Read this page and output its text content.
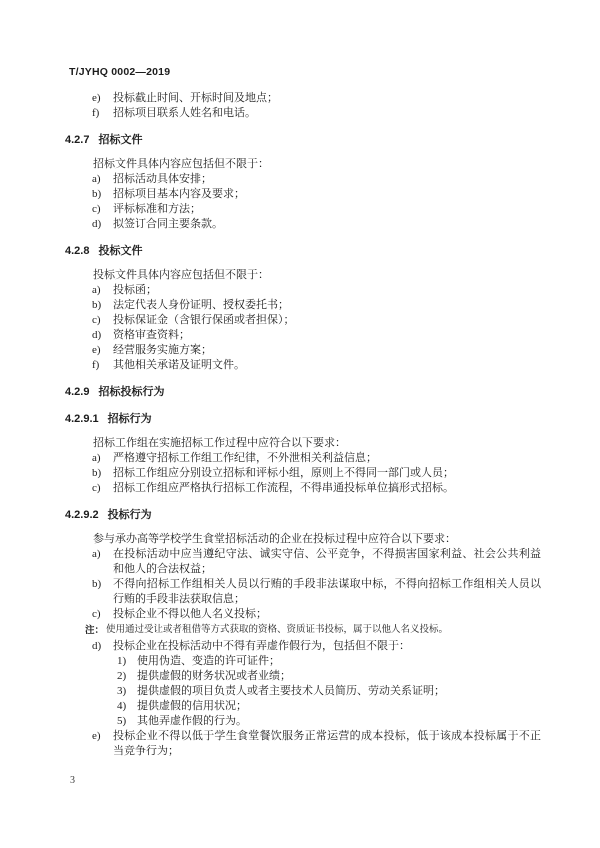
T/JYHQ 0002—2019
e)	投标截止时间、开标时间及地点；
f)	招标项目联系人姓名和电话。
4.2.7 招标文件
招标文件具体内容应包括但不限于：
a)	招标活动具体安排；
b)	招标项目基本内容及要求；
c)	评标标准和方法；
d)	拟签订合同主要条款。
4.2.8 投标文件
投标文件具体内容应包括但不限于：
a)	投标函；
b)	法定代表人身份证明、授权委托书；
c)	投标保证金（含银行保函或者担保）；
d)	资格审查资料；
e)	经营服务实施方案；
f)	其他相关承诺及证明文件。
4.2.9 招标投标行为
4.2.9.1 招标行为
招标工作组在实施招标工作过程中应符合以下要求：
a)	严格遵守招标工作组工作纪律，不外泄相关利益信息；
b)	招标工作组应分别设立招标和评标小组，原则上不得同一部门或人员；
c)	招标工作组应严格执行招标工作流程，不得串通投标单位搞形式招标。
4.2.9.2 投标行为
参与承办高等学校学生食堂招标活动的企业在投标过程中应符合以下要求：
a)	在投标活动中应当遵纪守法、诚实守信、公平竞争，不得损害国家利益、社会公共利益和他人的合法权益；
b)	不得向招标工作组相关人员以行贿的手段非法谋取中标，不得向招标工作组相关人员以行贿的手段非法获取信息；
c)	投标企业不得以他人名义投标；
注： 使用通过受让或者租借等方式获取的资格、资质证书投标，属于以他人名义投标。
d)	投标企业在投标活动中不得有弄虚作假行为，包括但不限于：
1) 使用伪造、变造的许可证件；
2) 提供虚假的财务状况或者业绩；
3) 提供虚假的项目负责人或者主要技术人员简历、劳动关系证明；
4) 提供虚假的信用状况；
5) 其他弄虚作假的行为。
e)	投标企业不得以低于学生食堂餐饮服务正常运营的成本投标，低于该成本投标属于不正当竞争行为；
3
